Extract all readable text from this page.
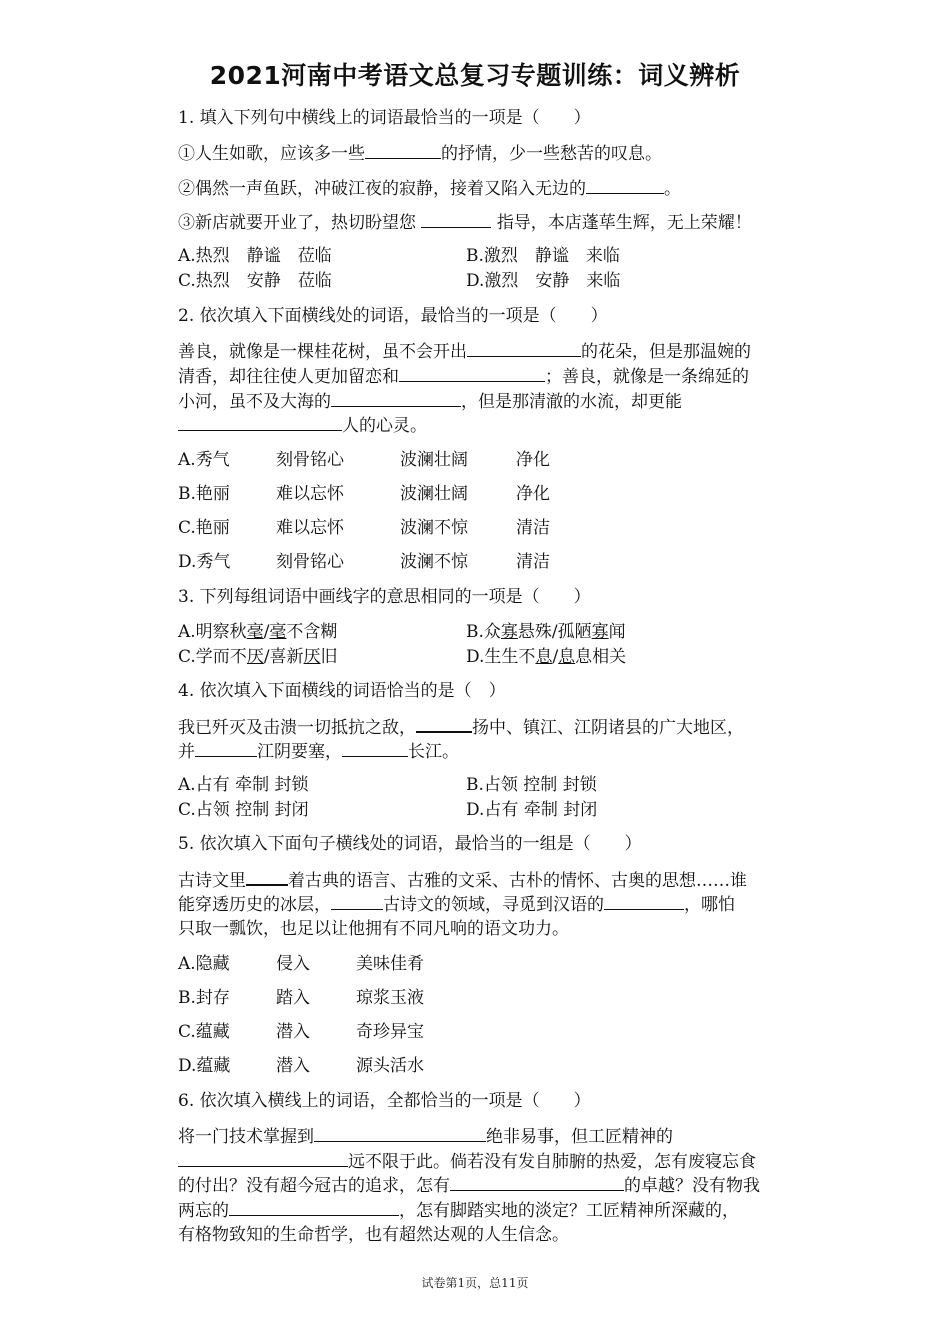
2021河南中考语文总复习专题训练：词义辨析
1. 填入下列句中横线上的词语最恰当的一项是（　　）
①人生如歌，应该多一些	的抒情，少一些愁苦的叹息。
②偶然一声鱼跃，冲破江夜的寂静，接着又陷入无边的	。
③新店就要开业了，热切盼望您	指导，本店蓬荜生辉，无上荣耀！
A.热烈　静谧　莅临	B.激烈　静谧　来临
C.热烈　安静　莅临	D.激烈　安静　来临
2. 依次填入下面横线处的词语，最恰当的一项是（　　）
善良，就像是一棵桂花树，虽不会开出	的花朵，但是那温婉的
清香，却往往使人更加留恋和	；善良，就像是一条绵延的
小河，虽不及大海的	，但是那清澈的水流，却更能
人的心灵。
A.秀气	刻骨铭心	波澜壮阔	净化
B.艳丽	难以忘怀	波澜壮阔	净化
C.艳丽	难以忘怀	波澜不惊	清洁
D.秀气	刻骨铭心	波澜不惊	清洁
3. 下列每组词语中画线字的意思相同的一项是（　　）
A.明察秋毫/毫不含糊	B.众寡悬殊/孤陋寡闻
C.学而不厌/喜新厌旧	D.生生不息/息息相关
4. 依次填入下面横线的词语恰当的是（　）
我已歼灭及击溃一切抵抗之敌，	扬中、镇江、江阴诸县的广大地区，
并	江阴要塞，	长江。
A.占有 牵制 封锁	B.占领 控制 封锁
C.占领 控制 封闭	D.占有 牵制 封闭
5. 依次填入下面句子横线处的词语，最恰当的一组是（　　）
古诗文里 着古典的语言、古雅的文采、古朴的情怀、古奥的思想……谁
能穿透历史的冰层，	古诗文的领域，寻觅到汉语的	，哪怕
只取一瓢饮，也足以让他拥有不同凡响的语文功力。
A.隐藏	侵入	美味佳肴
B.封存	踏入	琼浆玉液
C.蕴藏	潜入	奇珍异宝
D.蕴藏	潜入	源头活水
6. 依次填入横线上的词语，全都恰当的一项是（　　）
将一门技术掌握到	绝非易事，但工匠精神的
远不限于此。倘若没有发自肺腑的热爱，怎有废寝忘食
的付出？没有超今冠古的追求，怎有	的卓越？没有物我
两忘的	，怎有脚踏实地的淡定？工匠精神所深藏的，
有格物致知的生命哲学，也有超然达观的人生信念。
试卷第1页，总11页
